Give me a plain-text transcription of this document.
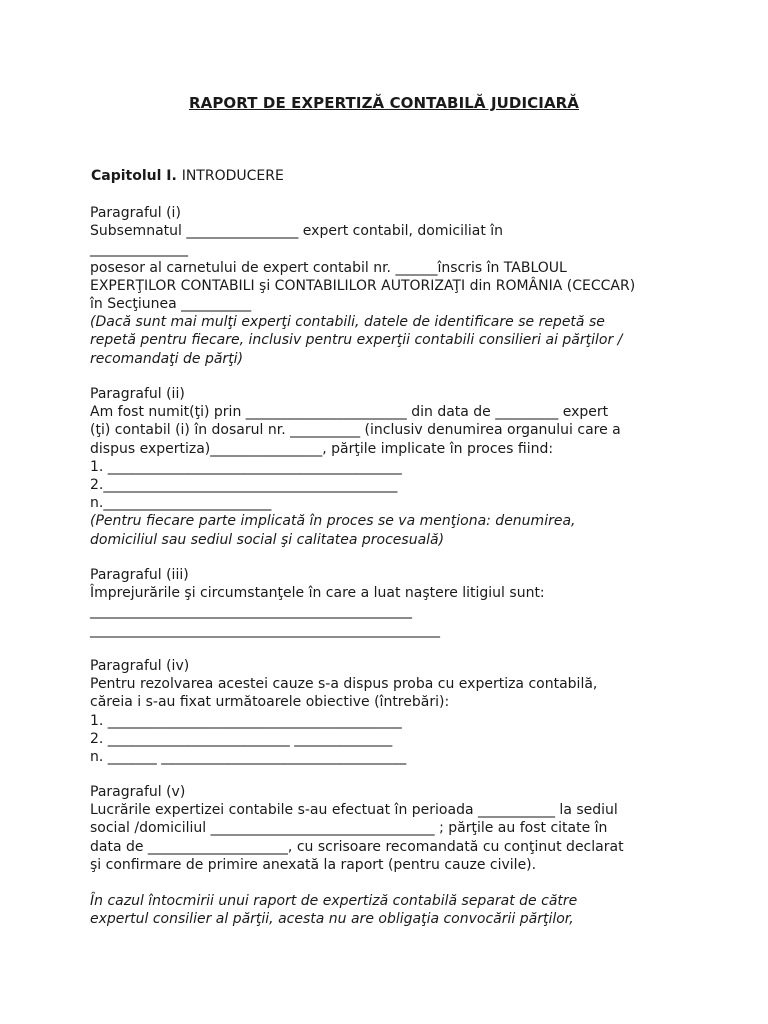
RAPORT DE EXPERTIZĂ CONTABILĂ JUDICIARĂ
Capitolul I. INTRODUCERE
Paragraful (i)
Subsemnatul ________________ expert contabil, domiciliat în
______________
posesor al carnetului de expert contabil nr. ______înscris în TABLOUL
EXPERŢILOR CONTABILI şi CONTABILILOR AUTORIZAŢI din ROMÂNIA (CECCAR)
în Secţiunea __________
(Dacă sunt mai mulţi experţi contabili, datele de identificare se repetă se
repetă pentru fiecare, inclusiv pentru experţii contabili consilieri ai părţilor /
recomandaţi de părţi)
Paragraful (ii)
Am fost numit(ţi) prin _______________________ din data de _________ expert
(ţi) contabil (i) în dosarul nr. __________ (inclusiv denumirea organului care a
dispus expertiza)________________, părţile implicate în proces fiind:
1. __________________________________________
2.__________________________________________
n.________________________
(Pentru fiecare parte implicată în proces se va menţiona: denumirea,
domiciliul sau sediul social şi calitatea procesuală)
Paragraful (iii)
Împrejurările şi circumstanţele în care a luat naştere litigiul sunt:
______________________________________________
__________________________________________________
Paragraful (iv)
Pentru rezolvarea acestei cauze s-a dispus proba cu expertiza contabilă,
căreia i s-au fixat următoarele obiective (întrebări):
1. __________________________________________
2. __________________________ ______________
n. _______ ___________________________________
Paragraful (v)
Lucrările expertizei contabile s-au efectuat în perioada ___________ la sediul
social /domiciliul ________________________________ ; părţile au fost citate în
data de ____________________, cu scrisoare recomandată cu conţinut declarat
şi confirmare de primire anexată la raport (pentru cauze civile).
În cazul întocmirii unui raport de expertiză contabilă separat de către
expertul consilier al părţii, acesta nu are obligaţia convocării părţilor,
